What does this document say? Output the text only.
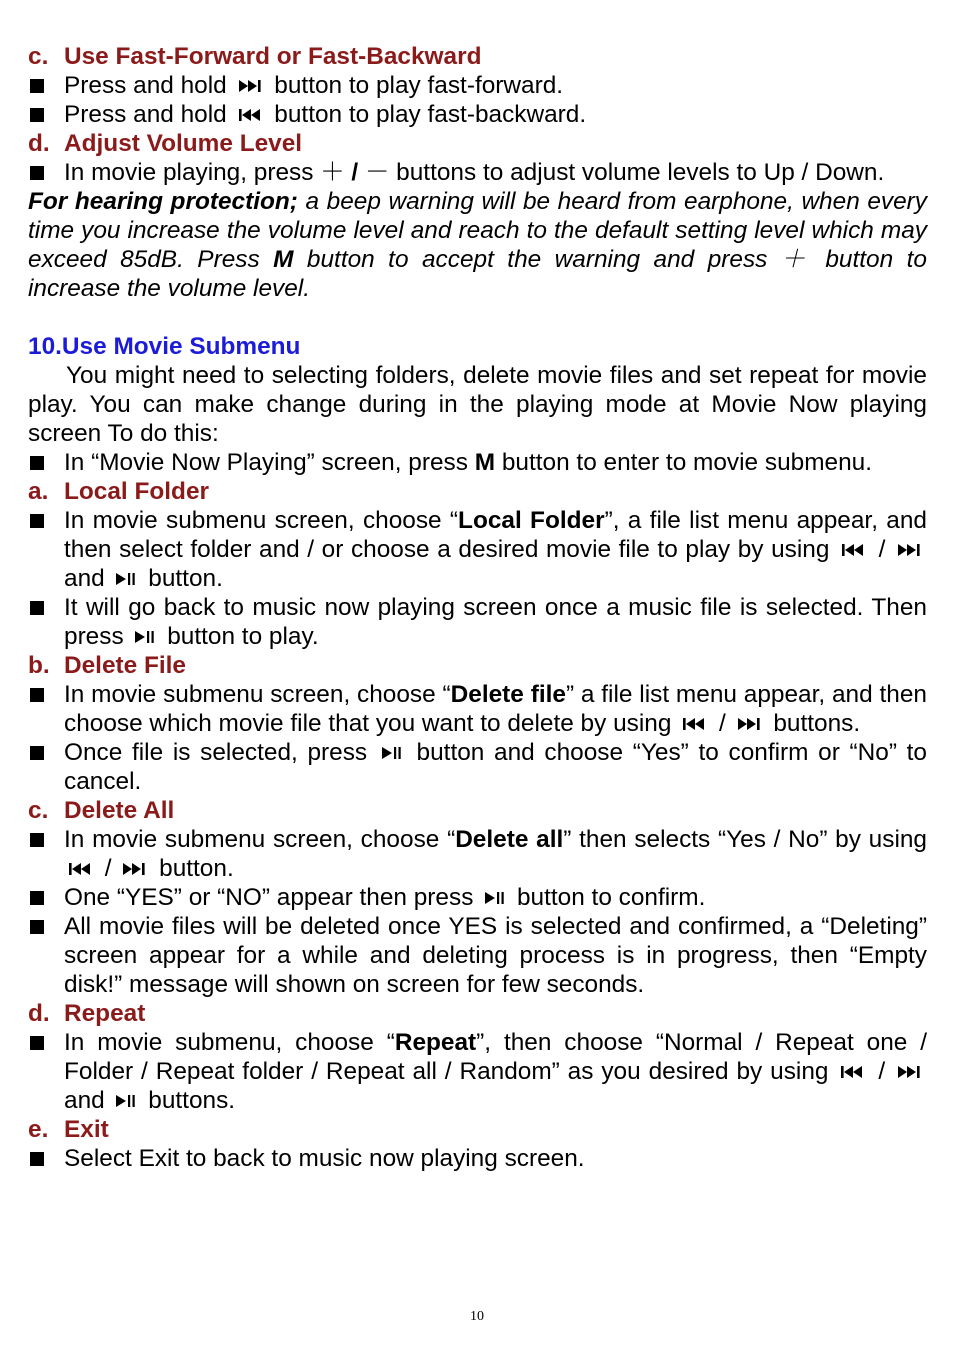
c. Use Fast-Forward or Fast-Backward
Press and hold button to play fast-forward.
Press and hold button to play fast-backward.
d. Adjust Volume Level
In movie playing, press ＋ / － buttons to adjust volume levels to Up / Down.
For hearing protection; a beep warning will be heard from earphone, when every time you increase the volume level and reach to the default setting level which may exceed 85dB. Press M button to accept the warning and press ＋ button to increase the volume level.
10.Use Movie Submenu
You might need to selecting folders, delete movie files and set repeat for movie play. You can make change during in the playing mode at Movie Now playing screen To do this:
In “Movie Now Playing” screen, press M button to enter to movie submenu.
a. Local Folder
In movie submenu screen, choose “Local Folder”, a file list menu appear, and then select folder and / or choose a desired movie file to play by using /  and button.
It will go back to music now playing screen once a music file is selected. Then press button to play.
b. Delete File
In movie submenu screen, choose “Delete file” a file list menu appear, and then choose which movie file that you want to delete by using / buttons.
Once file is selected, press button and choose “Yes” to confirm or “No” to cancel.
c. Delete All
In movie submenu screen, choose “Delete all” then selects “Yes / No” by using  / button.
One “YES” or “NO” appear then press button to confirm.
All movie files will be deleted once YES is selected and confirmed, a “Deleting” screen appear for a while and deleting process is in progress, then “Empty disk!” message will shown on screen for few seconds.
d. Repeat
In movie submenu, choose “Repeat”, then choose “Normal / Repeat one / Folder / Repeat folder / Repeat all / Random” as you desired by using /  and buttons.
e. Exit
Select Exit to back to music now playing screen.
10
